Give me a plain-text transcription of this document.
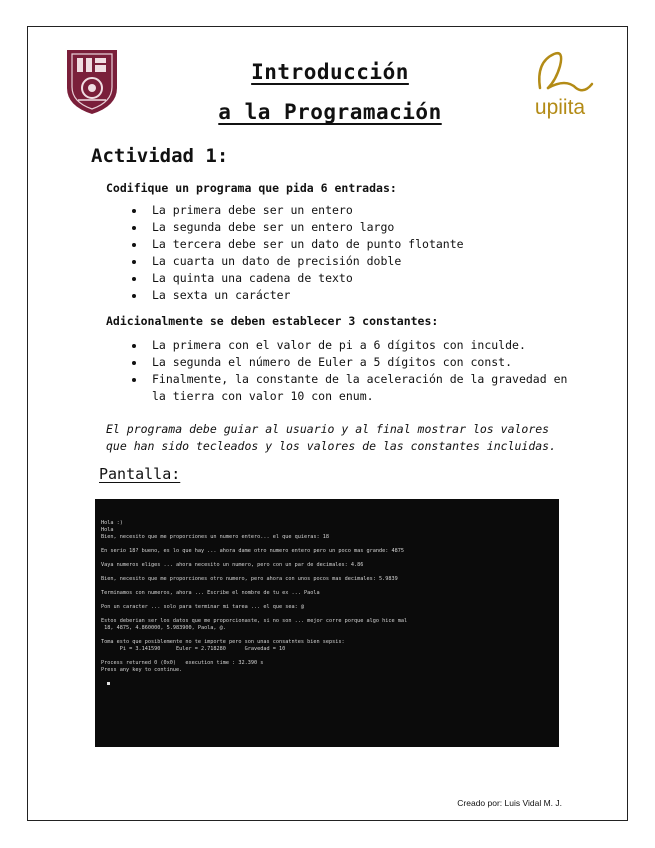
Introducción
a la Programación	upiita
Actividad 1:
Codifique un programa que pida 6 entradas:
• La primera debe ser un entero
• La segunda debe ser un entero largo
• La tercera debe ser un dato de punto flotante
• La cuarta un dato de precisión doble
• La quinta una cadena de texto
• La sexta un carácter
Adicionalmente se deben establecer 3 constantes:
• La primera con el valor de pi a 6 dígitos con inculde.
• La segunda el número de Euler a 5 dígitos con const.
• Finalmente, la constante de la aceleración de la gravedad en la tierra con valor 10 con enum.
El programa debe guiar al usuario y al final mostrar los valores que han sido tecleados y los valores de las constantes incluidas.
Pantalla:

Hola :)
Hola
Bien, necesito que me proporciones un numero entero... el que quieras: 18
En serio 18? bueno, es lo que hay ... ahora dame otro numero entero pero un poco mas grande: 4875
Vaya numeros eliges ... ahora necesito un numero, pero con un par de decimales: 4.86
Bien, necesito que me proporciones otro numero, pero ahora con unos pocos mas decimales: 5.9839
Terminamos con numeros, ahora ... Escribe el nombre de tu ex ... Paola
Pon un caracter ... solo para terminar mi tarea ... el que sea: @
Estos deberian ser los datos que me proporcionaste, si no son ... mejor corre porque algo hice mal
18, 4875, 4.860000, 5.983900, Paola, @.
Toma esto que posiblemente no te importe pero son unas consatntes bien sepsis:
Pi = 3.141590     Euler = 2.718280      Gravedad = 10
Process returned 0 (0x0)   execution time : 32.390 s
Press any key to continue.

Creado por: Luis Vidal M. J.
